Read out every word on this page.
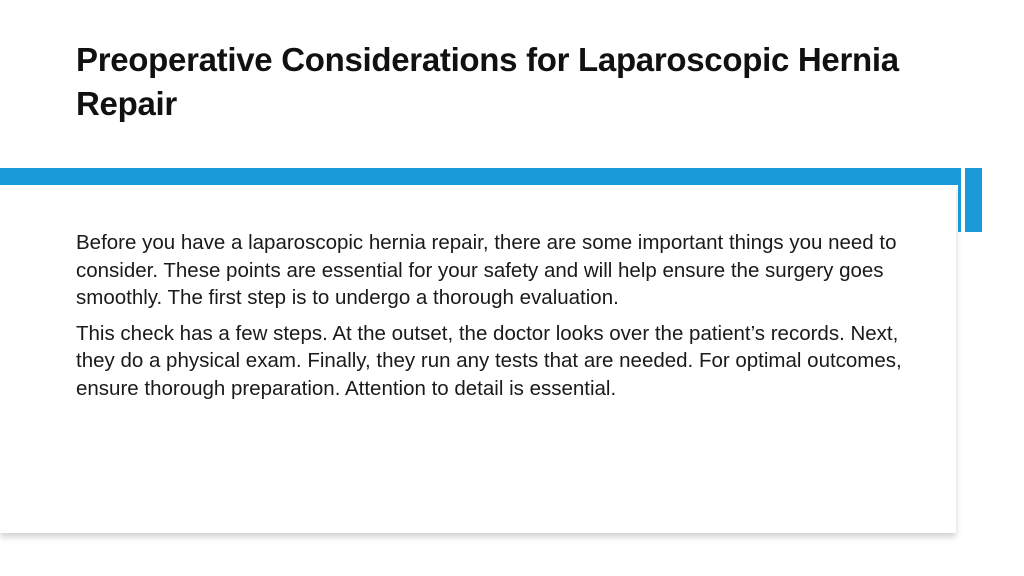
Preoperative Considerations for Laparoscopic Hernia Repair

Before you have a laparoscopic hernia repair, there are some important things you need to consider. These points are essential for your safety and will help ensure the surgery goes smoothly. The first step is to undergo a thorough evaluation.

This check has a few steps. At the outset, the doctor looks over the patient’s records. Next, they do a physical exam. Finally, they run any tests that are needed. For optimal outcomes, ensure thorough preparation. Attention to detail is essential.
